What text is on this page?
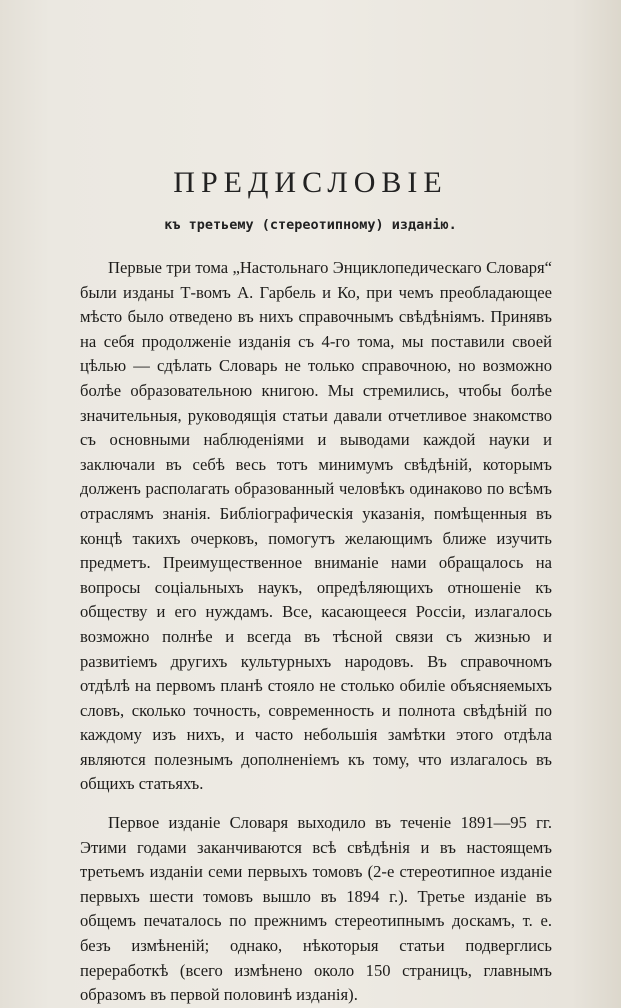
ПРЕДИСЛОВІЕ
къ третьему (стереотипному) изданію.

Первые три тома „Настольнаго Энциклопедическаго Словаря“ были изданы Т-вомъ А. Гарбель и Ко, при чемъ преобладающее мѣсто было отведено въ нихъ справочнымъ свѣдѣніямъ. Принявъ на себя продолженіе изданія съ 4-го тома, мы поставили своей цѣлью — сдѣлать Словарь не только справочною, но возможно болѣе образовательною книгою. Мы стремились, чтобы болѣе значительныя, руководящія статьи давали отчетливое знакомство съ основными наблюденіями и выводами каждой науки и заключали въ себѣ весь тотъ минимумъ свѣдѣній, которымъ долженъ располагать образованный человѣкъ одинаково по всѣмъ отраслямъ знанія. Библіографическія указанія, помѣщенныя въ концѣ такихъ очерковъ, помогутъ желающимъ ближе изучить предметъ. Преимущественное вниманіе нами обращалось на вопросы соціальныхъ наукъ, опредѣляющихъ отношеніе къ обществу и его нуждамъ. Все, касающееся Россіи, излагалось возможно полнѣе и всегда въ тѣсной связи съ жизнью и развитіемъ другихъ культурныхъ народовъ. Въ справочномъ отдѣлѣ на первомъ планѣ стояло не столько обиліе объясняемыхъ словъ, сколько точность, современность и полнота свѣдѣній по каждому изъ нихъ, и часто небольшія замѣтки этого отдѣла являются полезнымъ дополненіемъ къ тому, что излагалось въ общихъ статьяхъ.

Первое изданіе Словаря выходило въ теченіе 1891—95 гг. Этими годами заканчиваются всѣ свѣдѣнія и въ настоящемъ третьемъ изданіи семи первыхъ томовъ (2-е стереотипное изданіе первыхъ шести томовъ вышло въ 1894 г.). Третье изданіе въ общемъ печаталось по прежнимъ стереотипнымъ доскамъ, т. е. безъ измѣненій; однако, нѣкоторыя статьи подверглись переработкѣ (всего измѣнено около 150 страницъ, главнымъ образомъ въ первой половинѣ изданія).
